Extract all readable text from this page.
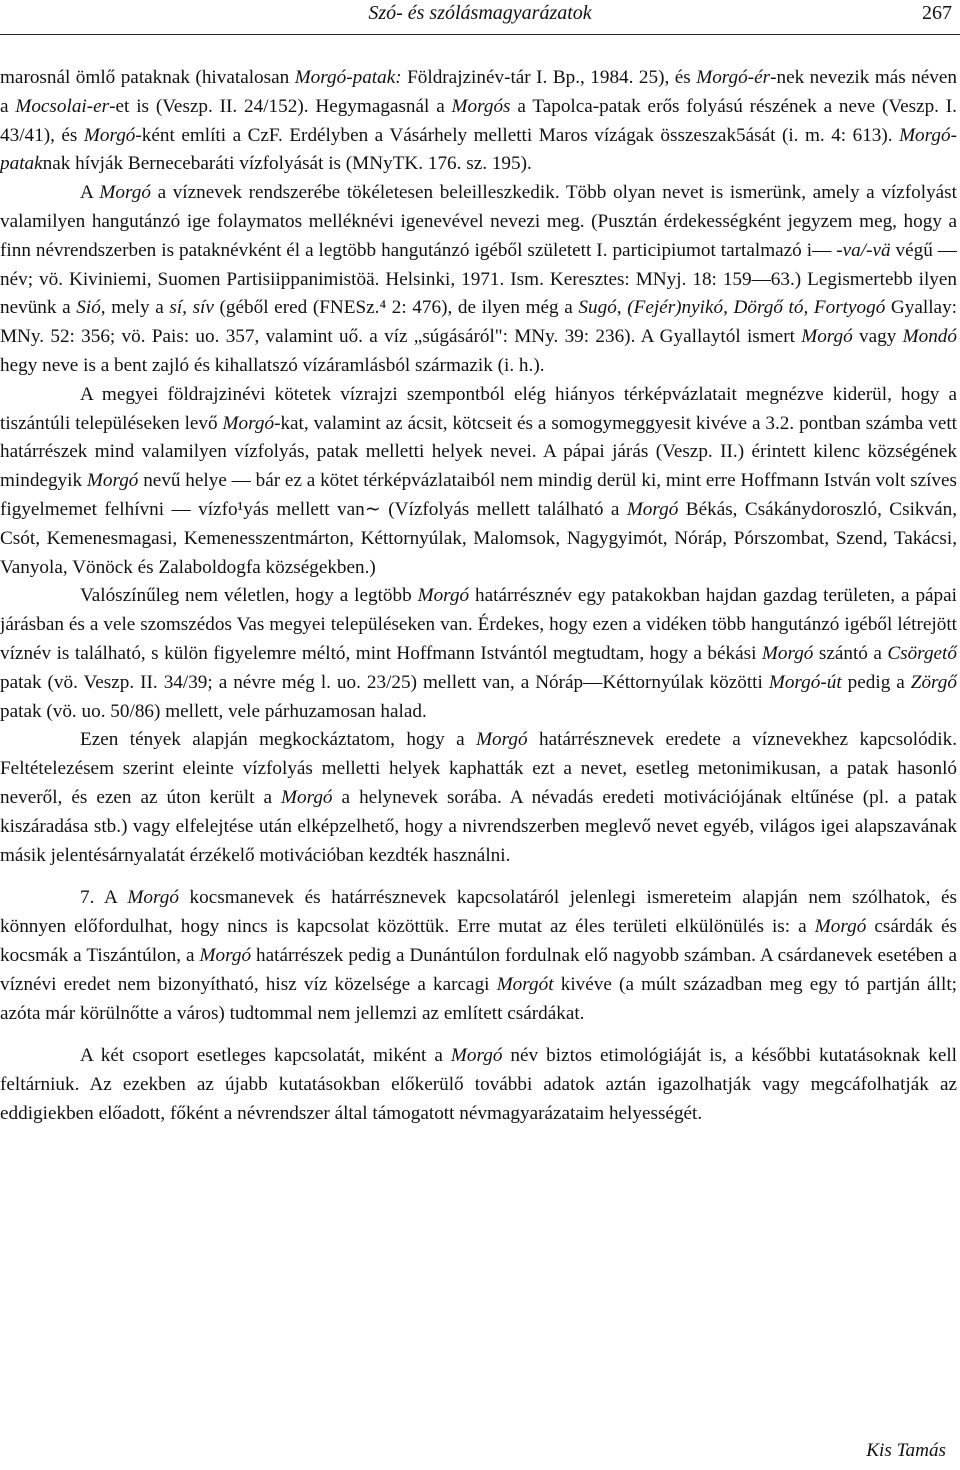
Szó- és szólásmagyarázatok	267

marosnál ömlő pataknak (hivatalosan Morgó-patak: Földrajzinév-tár I. Bp., 1984. 25), és Morgó-ér-nek nevezik más néven a Mocsolai-er-et is (Veszp. II. 24/152). Hegymagasnál a Morgós a Tapolca-patak erős folyású részének a neve (Veszp. I. 43/41), és Morgó-ként említi a CzF. Erdélyben a Vásárhely melletti Maros vízágak összeszak5ását (i. m. 4: 613). Morgó-pataknak hívják Bernecebaráti vízfolyását is (MNyTK. 176. sz. 195).

A Morgó a víznevek rendszerébe tökéletesen beleilleszkedik. Több olyan nevet is ismerünk, amely a vízfolyást valamilyen hangutánzó ige folaymatos melléknévi igenevével nevezi meg. (Pusztán érdekességként jegyzem meg, hogy a finn névrendszerben is pataknévként él a legtöbb hangutánzó igéből született I. participiumot tartalmazó i— -va/-vä végű — név; vö. Kiviniemi, Suomen Partisiippanimistöä. Helsinki, 1971. Ism. Keresztes: MNyj. 18: 159—63.) Legismertebb ilyen nevünk a Sió, mely a sí, sív (géből ered (FNESz.⁴ 2: 476), de ilyen még a Sugó, (Fejér)nyikó, Dörgő tó, Fortyogó Gyallay: MNy. 52: 356; vö. Pais: uo. 357, valamint uő. a víz „súgásáról": MNy. 39: 236). A Gyallaytól ismert Morgó vagy Mondó hegy neve is a bent zajló és kihallatszó vízáramlásból származik (i. h.).

A megyei földrajzinévi kötetek vízrajzi szempontból elég hiányos térképvázlatait megnézve kiderül, hogy a tiszántúli településeken levő Morgó-kat, valamint az ácsit, kötcseit és a somogymeggyesit kivéve a 3.2. pontban számba vett határrészek mind valamilyen vízfolyás, patak melletti helyek nevei. A pápai járás (Veszp. II.) érintett kilenc községének mindegyik Morgó nevű helye — bár ez a kötet térképvázlataiból nem mindig derül ki, mint erre Hoffmann István volt szíves figyelmemet felhívni — vízfo¹yás mellett van∼ (Vízfolyás mellett található a Morgó Békás, Csákánydoroszló, Csikván, Csót, Kemenesmagasi, Kemenesszentmárton, Kéttornyúlak, Malomsok, Nagygyimót, Nóráp, Pórszombat, Szend, Takácsi, Vanyola, Vönöck és Zalaboldogfa községekben.)

Valószínűleg nem véletlen, hogy a legtöbb Morgó határrésznév egy patakokban hajdan gazdag területen, a pápai járásban és a vele szomszédos Vas megyei településeken van. Érdekes, hogy ezen a vidéken több hangutánzó igéből létrejött víznév is található, s külön figyelemre méltó, mint Hoffmann Istvántól megtudtam, hogy a békási Morgó szántó a Csörgető patak (vö. Veszp. II. 34/39; a névre még l. uo. 23/25) mellett van, a Nóráp—Kéttornyúlak közötti Morgó-út pedig a Zörgő patak (vö. uo. 50/86) mellett, vele párhuzamosan halad.

Ezen tények alapján megkockáztatom, hogy a Morgó határrésznevek eredete a víznevekhez kapcsolódik. Feltételezésem szerint eleinte vízfolyás melletti helyek kaphatták ezt a nevet, esetleg metonimikusan, a patak hasonló neveről, és ezen az úton került a Morgó a helynevek sorába. A névadás eredeti motivációjának eltűnése (pl. a patak kiszáradása stb.) vagy elfelejtése után elképzelhető, hogy a nivrendszerben meglevő nevet egyéb, világos igei alapszavának másik jelentésárnyalatát érzékelő motivációban kezdték használni.

7. A Morgó kocsmanevek és határrésznevek kapcsolatáról jelenlegi ismereteim alapján nem szólhatok, és könnyen előfordulhat, hogy nincs is kapcsolat közöttük. Erre mutat az éles területi elkülönülés is: a Morgó csárdák és kocsmák a Tiszántúlon, a Morgó határrészek pedig a Dunántúlon fordulnak elő nagyobb számban. A csárdanevek esetében a víznévi eredet nem bizonyítható, hisz víz közelsége a karcagi Morgót kivéve (a múlt században meg egy tó partján állt; azóta már körülnőtte a város) tudtommal nem jellemzi az említett csárdákat.

A két csoport esetleges kapcsolatát, miként a Morgó név biztos etimológiáját is, a későbbi kutatásoknak kell feltárniuk. Az ezekben az újabb kutatásokban előkerülő további adatok aztán igazolhatják vagy megcáfolhatják az eddigiekben előadott, főként a névrendszer által támogatott névmagyarázataim helyességét.

Kis Tamás
